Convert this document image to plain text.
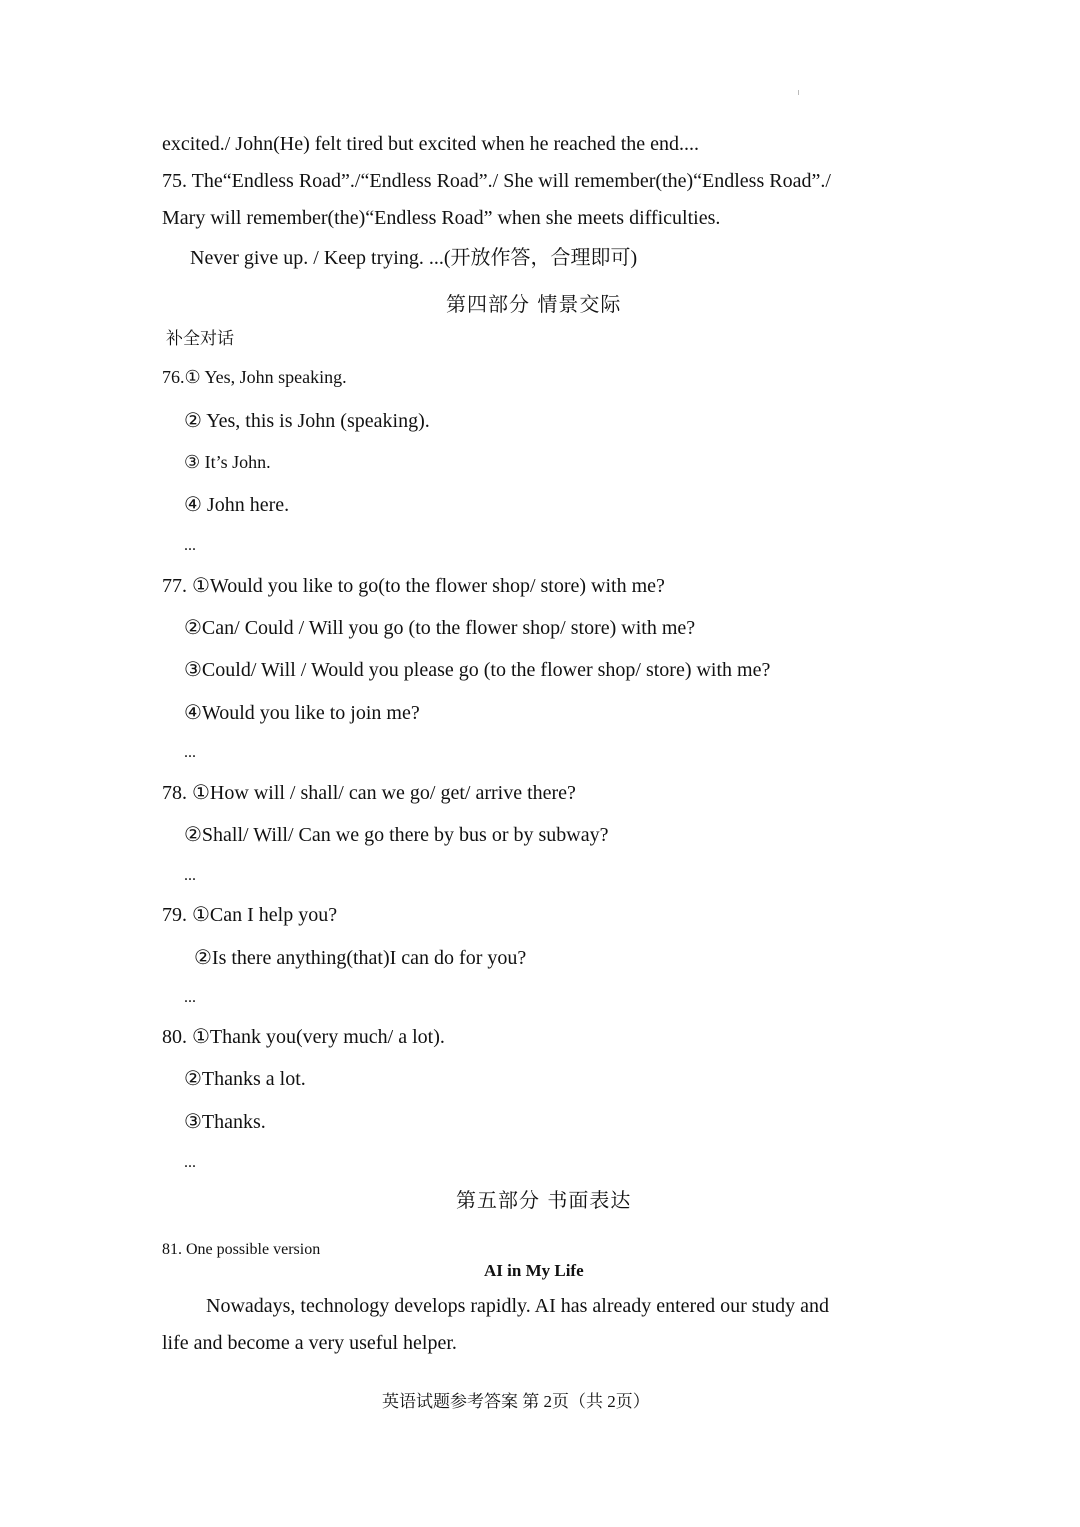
excited./ John(He) felt tired but excited when he reached the end....
75. The“Endless Road”./“Endless Road”./ She will remember(the)“Endless Road”./
Mary will remember(the)“Endless Road” when she meets difficulties.
Never give up. / Keep trying. ...(开放作答，合理即可)
第四部分 情景交际
补全对话
76.① Yes, John speaking.
② Yes, this is John (speaking).
③ It’s John.
④ John here.
...
77. ①Would you like to go(to the flower shop/ store) with me?
②Can/ Could / Will you go (to the flower shop/ store) with me?
③Could/ Will / Would you please go (to the flower shop/ store) with me?
④Would you like to join me?
...
78. ①How will / shall/ can we go/ get/ arrive there?
②Shall/ Will/ Can we go there by bus or by subway?
...
79. ①Can I help you?
②Is there anything(that)I can do for you?
...
80. ①Thank you(very much/ a lot).
②Thanks a lot.
③Thanks.
...
第五部分 书面表达
81. One possible version
AI in My Life
Nowadays, technology develops rapidly. AI has already entered our study and
life and become a very useful helper.
英语试题参考答案 第 2页（共 2页）
